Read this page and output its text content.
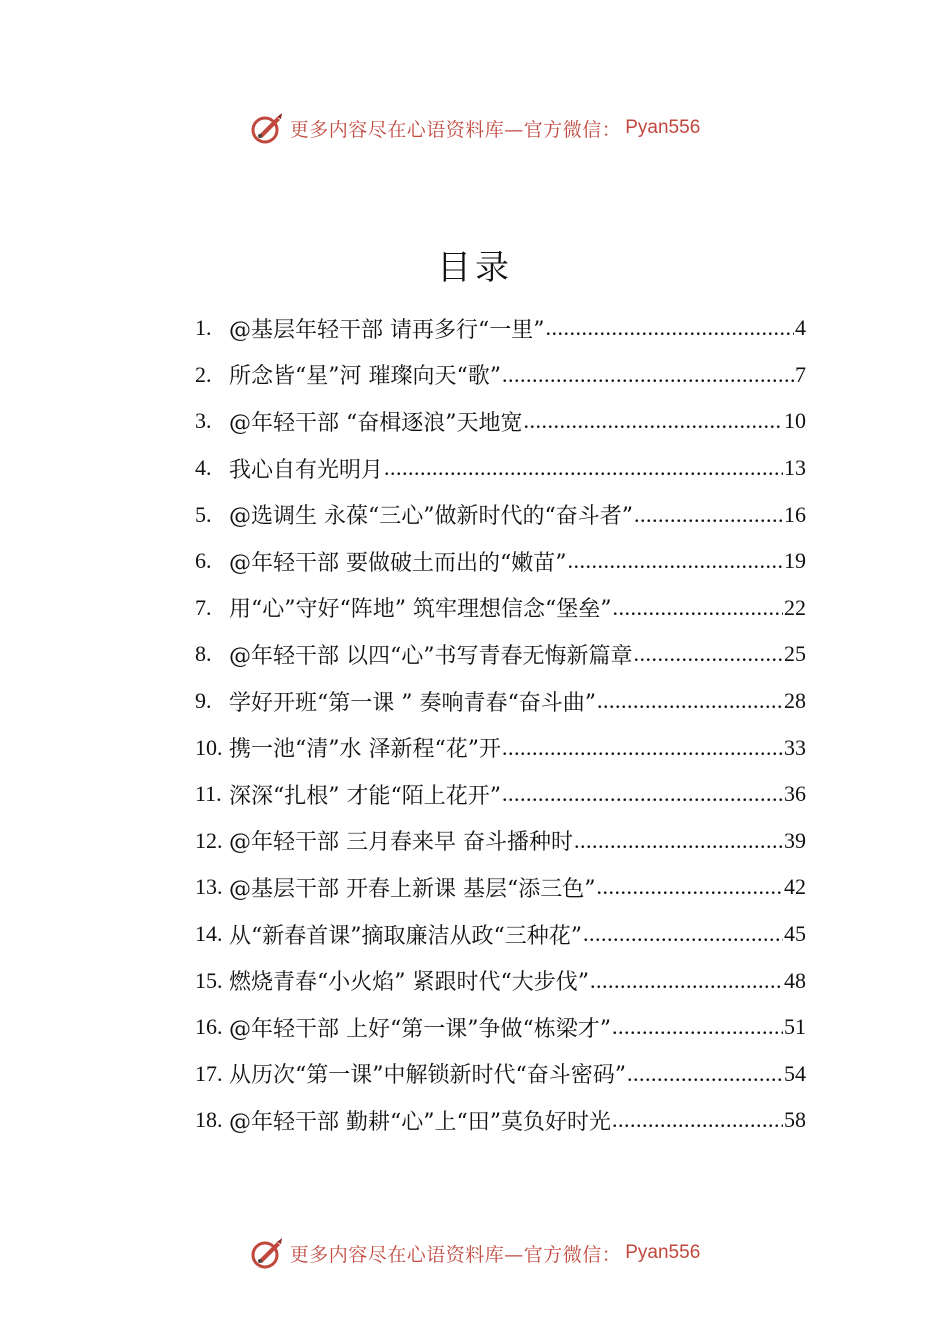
更多内容尽在心语资料库—官方微信： Pyan556
目录
1. @基层年轻干部 请再多行“一里” .....	4
2. 所念皆“星”河 璀璨向天“歌” .....	7
3. @年轻干部 “奋楫逐浪”天地宽 .....	10
4. 我心自有光明月 .....	13
5. @选调生 永葆“三心”做新时代的“奋斗者” .....	16
6. @年轻干部 要做破土而出的“嫩苗” .....	19
7. 用“心”守好“阵地” 筑牢理想信念“堡垒” .....	22
8. @年轻干部 以四“心”书写青春无悔新篇章 .....	25
9. 学好开班“第一课 ” 奏响青春“奋斗曲” .....	28
10. 携一池“清”水 泽新程“花”开 .....	33
11. 深深“扎根” 才能“陌上花开” .....	36
12. @年轻干部 三月春来早 奋斗播种时 .....	39
13. @基层干部 开春上新课 基层“添三色” .....	42
14. 从“新春首课”摘取廉洁从政“三种花” .....	45
15. 燃烧青春“小火焰” 紧跟时代“大步伐” .....	48
16. @年轻干部 上好“第一课”争做“栋梁才” .....	51
17. 从历次“第一课”中解锁新时代“奋斗密码” .....	54
18. @年轻干部 勤耕“心”上“田”莫负好时光 .....	58
更多内容尽在心语资料库—官方微信： Pyan556
